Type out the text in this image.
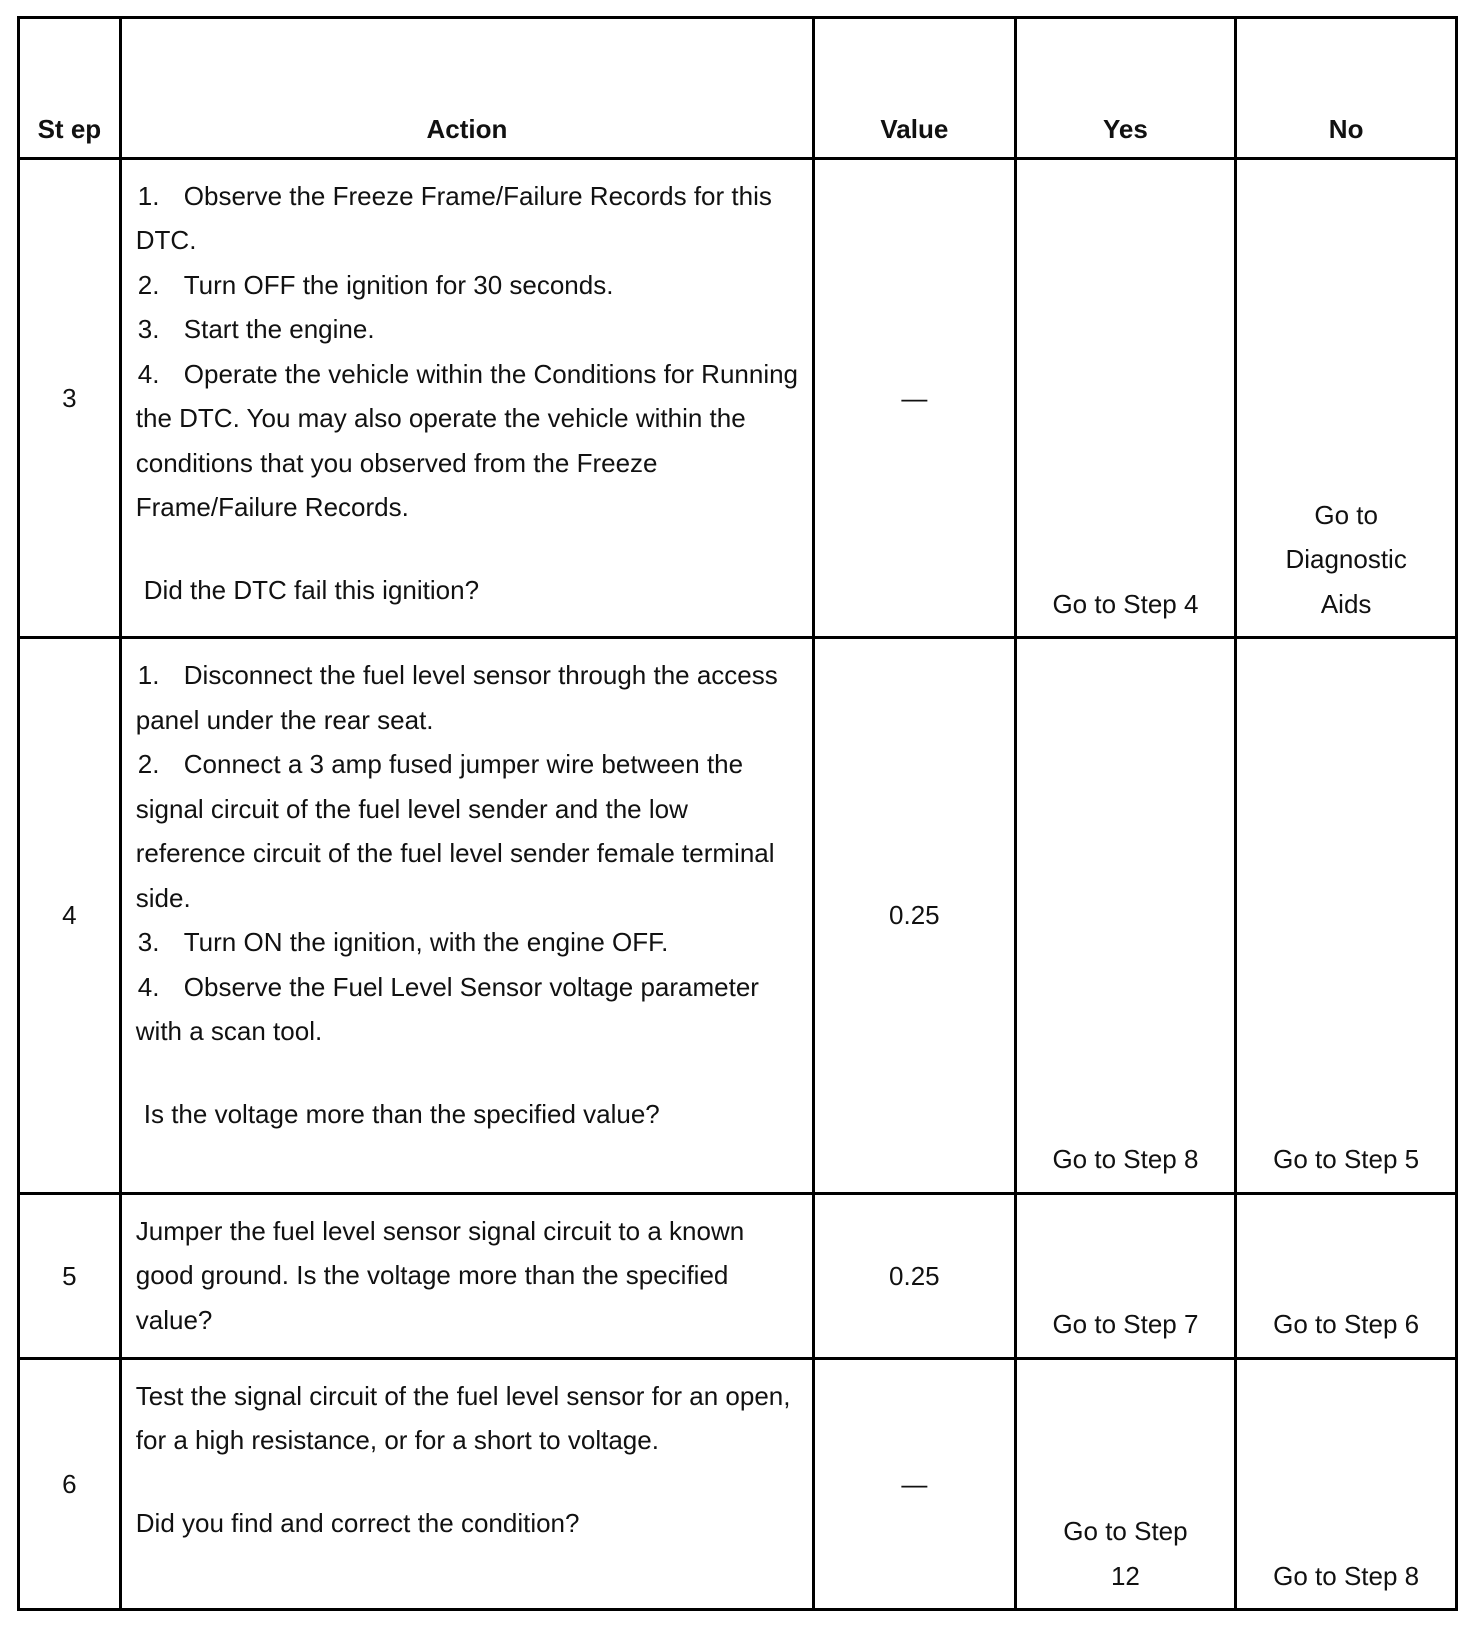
St ep	Action	Value	Yes	No
3	1. Observe the Freeze Frame/Failure Records for this DTC.
2. Turn OFF the ignition for 30 seconds.
3. Start the engine.
4. Operate the vehicle within the Conditions for Running the DTC. You may also operate the vehicle within the conditions that you observed from the Freeze Frame/Failure Records.
Did the DTC fail this ignition?	—	Go to Step 4	Go to Diagnostic Aids
4	1. Disconnect the fuel level sensor through the access panel under the rear seat.
2. Connect a 3 amp fused jumper wire between the signal circuit of the fuel level sender and the low reference circuit of the fuel level sender female terminal side.
3. Turn ON the ignition, with the engine OFF.
4. Observe the Fuel Level Sensor voltage parameter with a scan tool.
Is the voltage more than the specified value?	0.25	Go to Step 8	Go to Step 5
5	Jumper the fuel level sensor signal circuit to a known good ground. Is the voltage more than the specified value?	0.25	Go to Step 7	Go to Step 6
6	Test the signal circuit of the fuel level sensor for an open, for a high resistance, or for a short to voltage.
Did you find and correct the condition?	—	Go to Step 12	Go to Step 8
